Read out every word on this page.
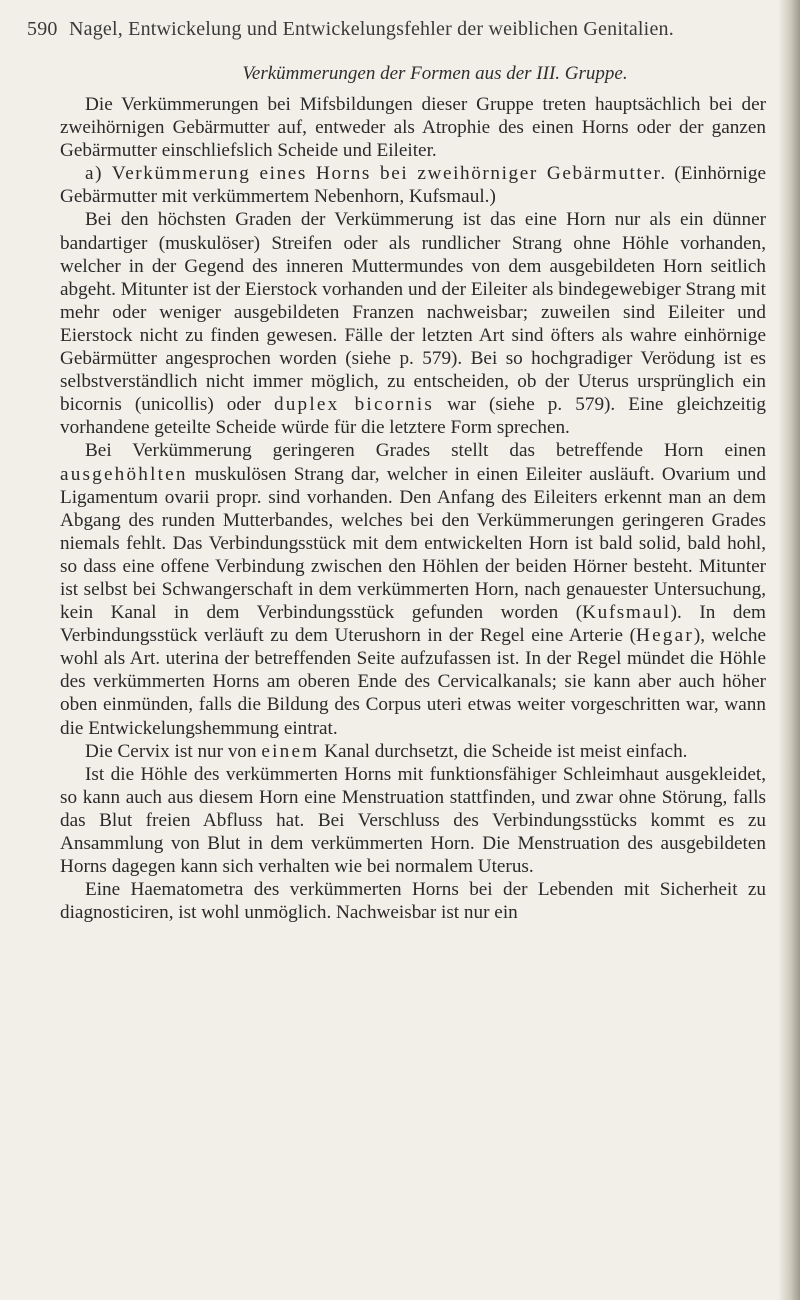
590 Nagel, Entwickelung und Entwickelungsfehler der weiblichen Genitalien.
Verkümmerungen der Formen aus der III. Gruppe.

Die Verkümmerungen bei Mifsbildungen dieser Gruppe treten hauptsächlich bei der zweihörnigen Gebärmutter auf, entweder als Atrophie des einen Horns oder der ganzen Gebärmutter einschliefslich Scheide und Eileiter.

a) Verkümmerung eines Horns bei zweihörniger Gebärmutter. (Einhörnige Gebärmutter mit verkümmertem Nebenhorn, Kufsmaul.)

Bei den höchsten Graden der Verkümmerung ist das eine Horn nur als ein dünner bandartiger (muskulöser) Streifen oder als rundlicher Strang ohne Höhle vorhanden, welcher in der Gegend des inneren Muttermundes von dem ausgebildeten Horn seitlich abgeht. Mitunter ist der Eierstock vorhanden und der Eileiter als bindegewebiger Strang mit mehr oder weniger ausgebildeten Franzen nachweisbar; zuweilen sind Eileiter und Eierstock nicht zu finden gewesen. Fälle der letzten Art sind öfters als wahre einhörnige Gebärmütter angesprochen worden (siehe p. 579). Bei so hochgradiger Verödung ist es selbstverständlich nicht immer möglich, zu entscheiden, ob der Uterus ursprünglich ein bicornis (unicollis) oder duplex bicornis war (siehe p. 579). Eine gleichzeitig vorhandene geteilte Scheide würde für die letztere Form sprechen.

Bei Verkümmerung geringeren Grades stellt das betreffende Horn einen ausgehöhlten muskulösen Strang dar, welcher in einen Eileiter ausläuft. Ovarium und Ligamentum ovarii propr. sind vorhanden. Den Anfang des Eileiters erkennt man an dem Abgang des runden Mutterbandes, welches bei den Verkümmerungen geringeren Grades niemals fehlt. Das Verbindungsstück mit dem entwickelten Horn ist bald solid, bald hohl, so dass eine offene Verbindung zwischen den Höhlen der beiden Hörner besteht. Mitunter ist selbst bei Schwangerschaft in dem verkümmerten Horn, nach genauester Untersuchung, kein Kanal in dem Verbindungsstück gefunden worden (Kufsmaul). In dem Verbindungsstück verläuft zu dem Uterushorn in der Regel eine Arterie (Hegar), welche wohl als Art. uterina der betreffenden Seite aufzufassen ist. In der Regel mündet die Höhle des verkümmerten Horns am oberen Ende des Cervicalkanals; sie kann aber auch höher oben einmünden, falls die Bildung des Corpus uteri etwas weiter vorgeschritten war, wann die Entwickelungshemmung eintrat.

Die Cervix ist nur von einem Kanal durchsetzt, die Scheide ist meist einfach.

Ist die Höhle des verkümmerten Horns mit funktionsfähiger Schleimhaut ausgekleidet, so kann auch aus diesem Horn eine Menstruation stattfinden, und zwar ohne Störung, falls das Blut freien Abfluss hat. Bei Verschluss des Verbindungsstücks kommt es zu Ansammlung von Blut in dem verkümmerten Horn. Die Menstruation des ausgebildeten Horns dagegen kann sich verhalten wie bei normalem Uterus.

Eine Haematometra des verkümmerten Horns bei der Lebenden mit Sicherheit zu diagnosticiren, ist wohl unmöglich. Nachweisbar ist nur ein
